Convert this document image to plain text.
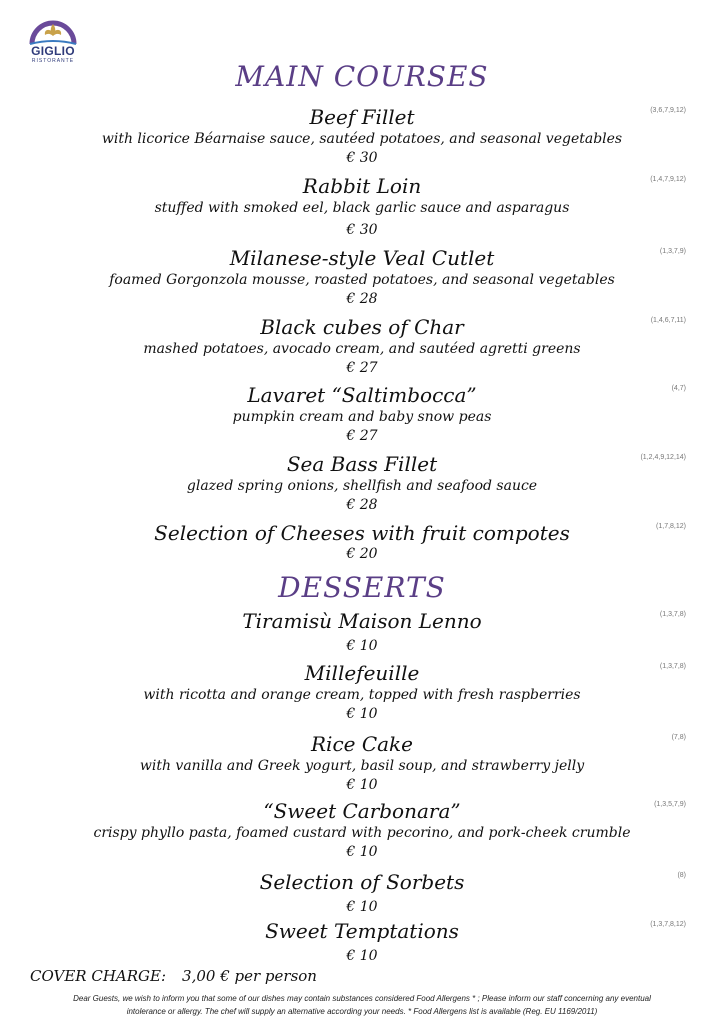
GIGLIO
RISTORANTE	MAIN COURSES
Beef Fillet	(3,6,7,9,12)
with licorice Béarnaise sauce, sautéed potatoes, and seasonal vegetables
€ 30
Rabbit Loin	(1,4,7,9,12)
stuffed with smoked eel, black garlic sauce and asparagus
€ 30
Milanese-style Veal Cutlet	(1,3,7,9)
foamed Gorgonzola mousse, roasted potatoes, and seasonal vegetables
€ 28
Black cubes of Char	(1,4,6,7,11)
mashed potatoes, avocado cream, and sautéed agretti greens
€ 27
Lavaret “Saltimbocca”	(4,7)
pumpkin cream and baby snow peas
€ 27
Sea Bass Fillet	(1,2,4,9,12,14)
glazed spring onions, shellfish and seafood sauce
€ 28
Selection of Cheeses with fruit compotes	(1,7,8,12)
€ 20
DESSERTS
Tiramisù Maison Lenno	(1,3,7,8)
€ 10
Millefeuille	(1,3,7,8)
with ricotta and orange cream, topped with fresh raspberries
€ 10
Rice Cake	(7,8)
with vanilla and Greek yogurt, basil soup, and strawberry jelly
€ 10
“Sweet Carbonara”	(1,3,5,7,9)
crispy phyllo pasta, foamed custard with pecorino, and pork-cheek crumble
€ 10
Selection of Sorbets	(8)
€ 10
Sweet Temptations	(1,3,7,8,12)
€ 10
COVER CHARGE: 3,00 € per person
Dear Guests, we wish to inform you that some of our dishes may contain substances considered Food Allergens * ; Please inform our staff concerning any eventual
intolerance or allergy. The chef will supply an alternative according your needs. * Food Allergens list is available (Reg. EU 1169/2011)
